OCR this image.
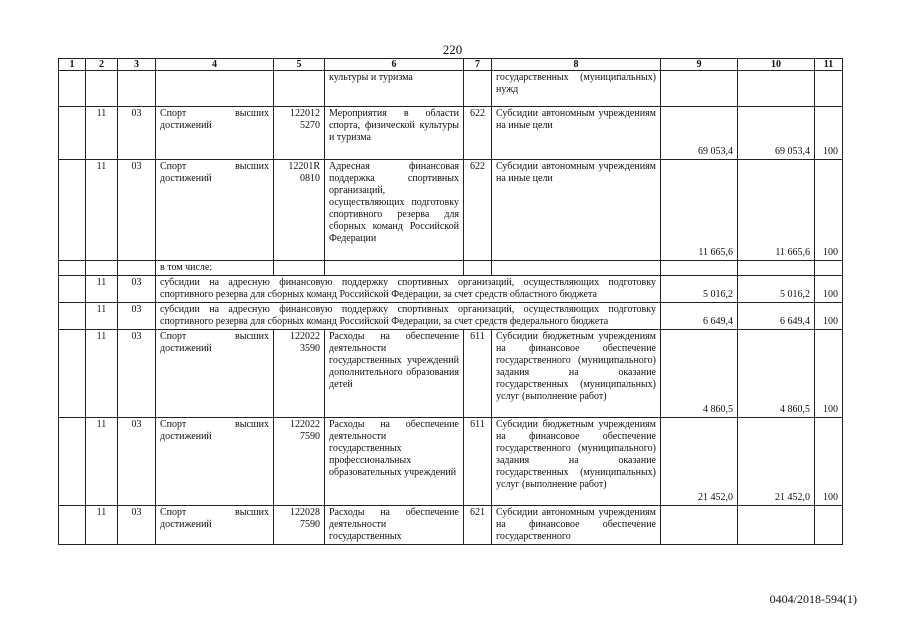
220
1	2	3	4	5	6	7	8	9	10	11
					культуры и туризма		государственных (муниципальных) нужд			
	11	03	Спорт высших достижений	122012 5270	Мероприятия в области спорта, физической культуры и туризма	622	Субсидии автономным учреждениям на иные цели	69 053,4	69 053,4	100
	11	03	Спорт высших достижений	12201R 0810	Адресная финансовая поддержка спортивных организаций, осуществляющих подготовку спортивного резерва для сборных команд Российской Федерации	622	Субсидии автономным учреждениям на иные цели	11 665,6	11 665,6	100
			в том числе:							
	11	03	субсидии на адресную финансовую поддержку спортивных организаций, осуществляющих подготовку спортивного резерва для сборных команд Российской Федерации, за счет средств областного бюджета					5 016,2	5 016,2	100
	11	03	субсидии на адресную финансовую поддержку спортивных организаций, осуществляющих подготовку спортивного резерва для сборных команд Российской Федерации, за счет средств федерального бюджета					6 649,4	6 649,4	100
	11	03	Спорт высших достижений	122022 3590	Расходы на обеспечение деятельности государственных учреждений дополнительного образования детей	611	Субсидии бюджетным учреждениям на финансовое обеспечение государственного (муниципального) задания на оказание государственных (муниципальных) услуг (выполнение работ)	4 860,5	4 860,5	100
	11	03	Спорт высших достижений	122022 7590	Расходы на обеспечение деятельности государственных профессиональных образовательных учреждений	611	Субсидии бюджетным учреждениям на финансовое обеспечение государственного (муниципального) задания на оказание государственных (муниципальных) услуг (выполнение работ)	21 452,0	21 452,0	100
	11	03	Спорт высших достижений	122028 7590	Расходы на обеспечение деятельности государственных	621	Субсидии автономным учреждениям на финансовое обеспечение государственного			
0404/2018-594(1)
